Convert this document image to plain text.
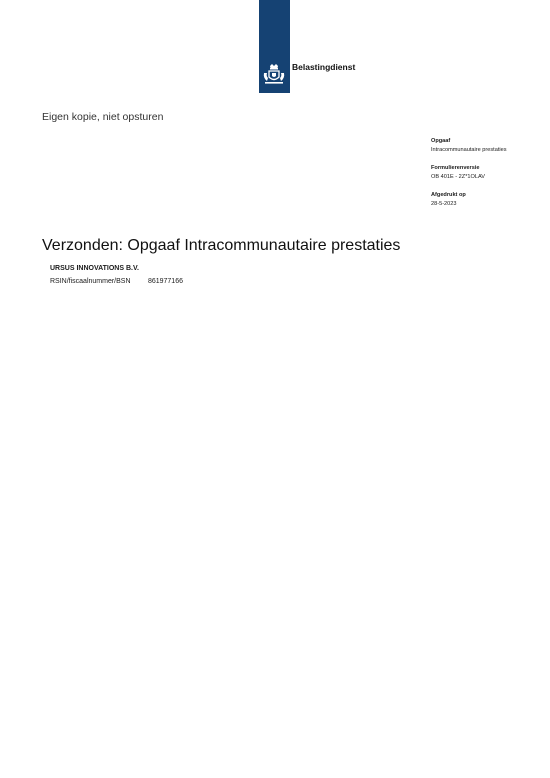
Belastingdienst
Eigen kopie, niet opsturen
Opgaaf
Intracommunautaire prestaties
Formulierenversie
OB 401E - 2Z*1OLAV
Afgedrukt op
28-5-2023
Verzonden: Opgaaf Intracommunautaire prestaties
URSUS INNOVATIONS B.V.
RSIN/fiscaalnummer/BSN 861977166
